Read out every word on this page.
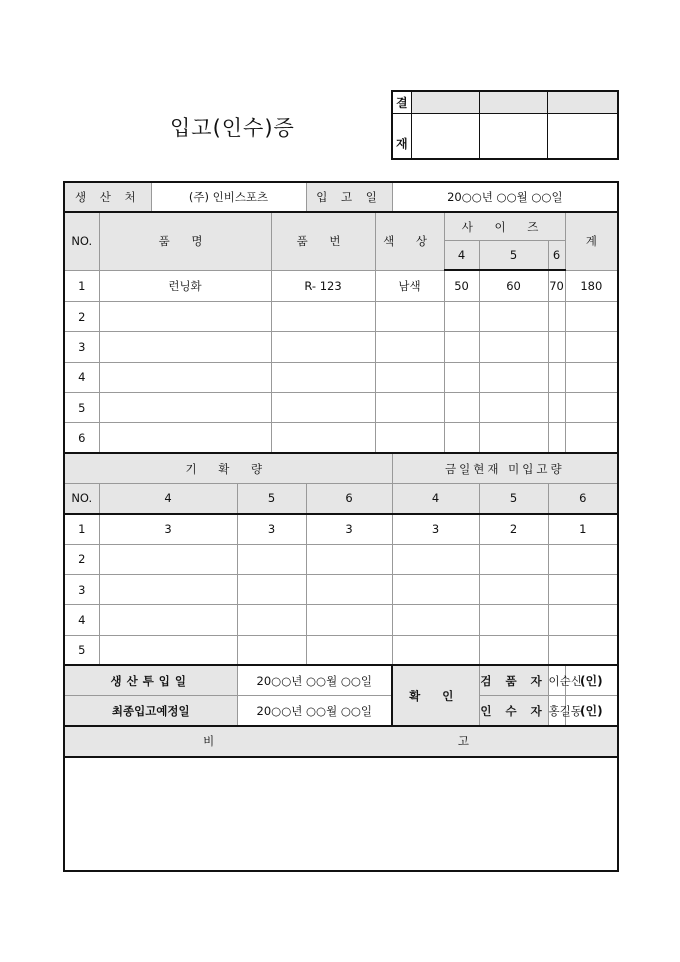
입고(인수)증
결			
재			
생 산 처		(주) 인비스포츠			입 고 일		20○○년 ○○월 ○○일				
NO.	품 명			품 번		색 상		사 이 즈			계
								4	5	6	
1	런닝화			R- 123		남색		50	60	70	180
2											
3											
4											
5											
6											
기 확 량							금일현재 미입고량				
NO.	4		5		6		4		5	6	
1	3		3		3		3		2	1	
2											
3											
4											
5											
생산투입일			20○○년 ○○월 ○○일				확 인		검 품 자	이순신	(인)
최종입고예정일			20○○년 ○○월 ○○일						인 수 자	홍길동	(인)
비 고											
